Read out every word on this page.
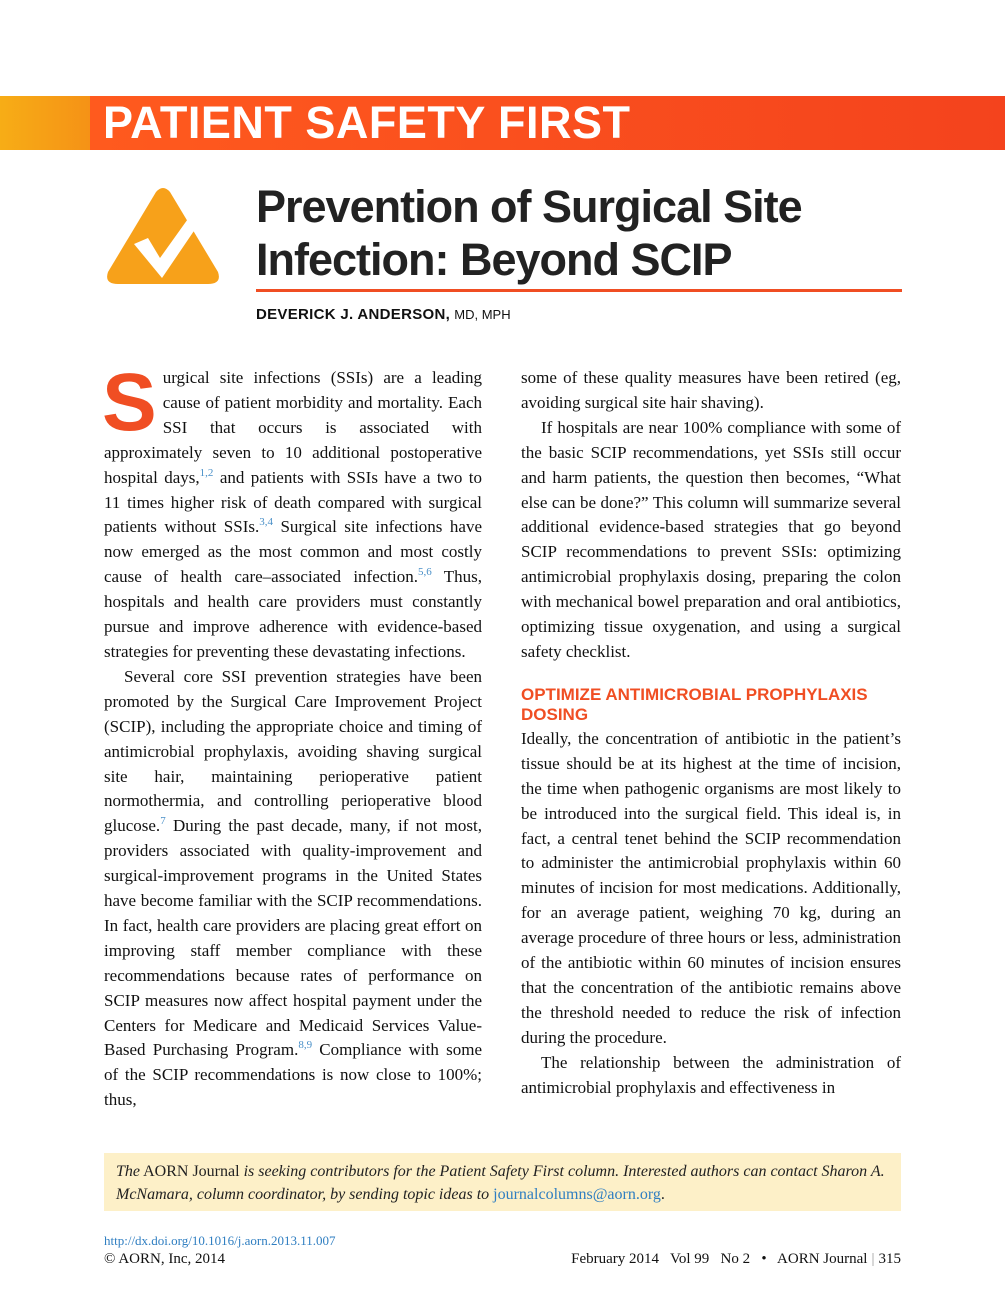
PATIENT SAFETY FIRST
Prevention of Surgical Site Infection: Beyond SCIP
DEVERICK J. ANDERSON, MD, MPH

Surgical site infections (SSIs) are a leading cause of patient morbidity and mortality. Each SSI that occurs is associated with approximately seven to 10 additional postoperative hospital days,$^{1,2}$ and patients with SSIs have a two to 11 times higher risk of death compared with surgical patients without SSIs.$^{3,4}$ Surgical site infections have now emerged as the most common and most costly cause of health care–associated infection.$^{5,6}$ Thus, hospitals and health care providers must constantly pursue and improve adherence with evidence-based strategies for preventing these devastating infections.

Several core SSI prevention strategies have been promoted by the Surgical Care Improvement Project (SCIP), including the appropriate choice and timing of antimicrobial prophylaxis, avoiding shaving surgical site hair, maintaining perioperative patient normothermia, and controlling perioperative blood glucose.$^7$ During the past decade, many, if not most, providers associated with quality-improvement and surgical-improvement programs in the United States have become familiar with the SCIP recommendations. In fact, health care providers are placing great effort on improving staff member compliance with these recommendations because rates of performance on SCIP measures now affect hospital payment under the Centers for Medicare and Medicaid Services Value-Based Purchasing Program.$^{8,9}$ Compliance with some of the SCIP recommendations is now close to 100%; thus,

some of these quality measures have been retired (eg, avoiding surgical site hair shaving).

If hospitals are near 100% compliance with some of the basic SCIP recommendations, yet SSIs still occur and harm patients, the question then becomes, “What else can be done?” This column will summarize several additional evidence-based strategies that go beyond SCIP recommendations to prevent SSIs: optimizing antimicrobial prophylaxis dosing, preparing the colon with mechanical bowel preparation and oral antibiotics, optimizing tissue oxygenation, and using a surgical safety checklist.

OPTIMIZE ANTIMICROBIAL PROPHYLAXIS DOSING

Ideally, the concentration of antibiotic in the patient’s tissue should be at its highest at the time of incision, the time when pathogenic organisms are most likely to be introduced into the surgical field. This ideal is, in fact, a central tenet behind the SCIP recommendation to administer the antimicrobial prophylaxis within 60 minutes of incision for most medications. Additionally, for an average patient, weighing 70 kg, during an average procedure of three hours or less, administration of the antibiotic within 60 minutes of incision ensures that the concentration of the antibiotic remains above the threshold needed to reduce the risk of infection during the procedure.

The relationship between the administration of antimicrobial prophylaxis and effectiveness in

The AORN Journal is seeking contributors for the Patient Safety First column. Interested authors can contact Sharon A. McNamara, column coordinator, by sending topic ideas to journalcolumns@aorn.org.
http://dx.doi.org/10.1016/j.aorn.2013.11.007
© AORN, Inc, 2014	February 2014   Vol 99   No 2   •   AORN Journal | 315
